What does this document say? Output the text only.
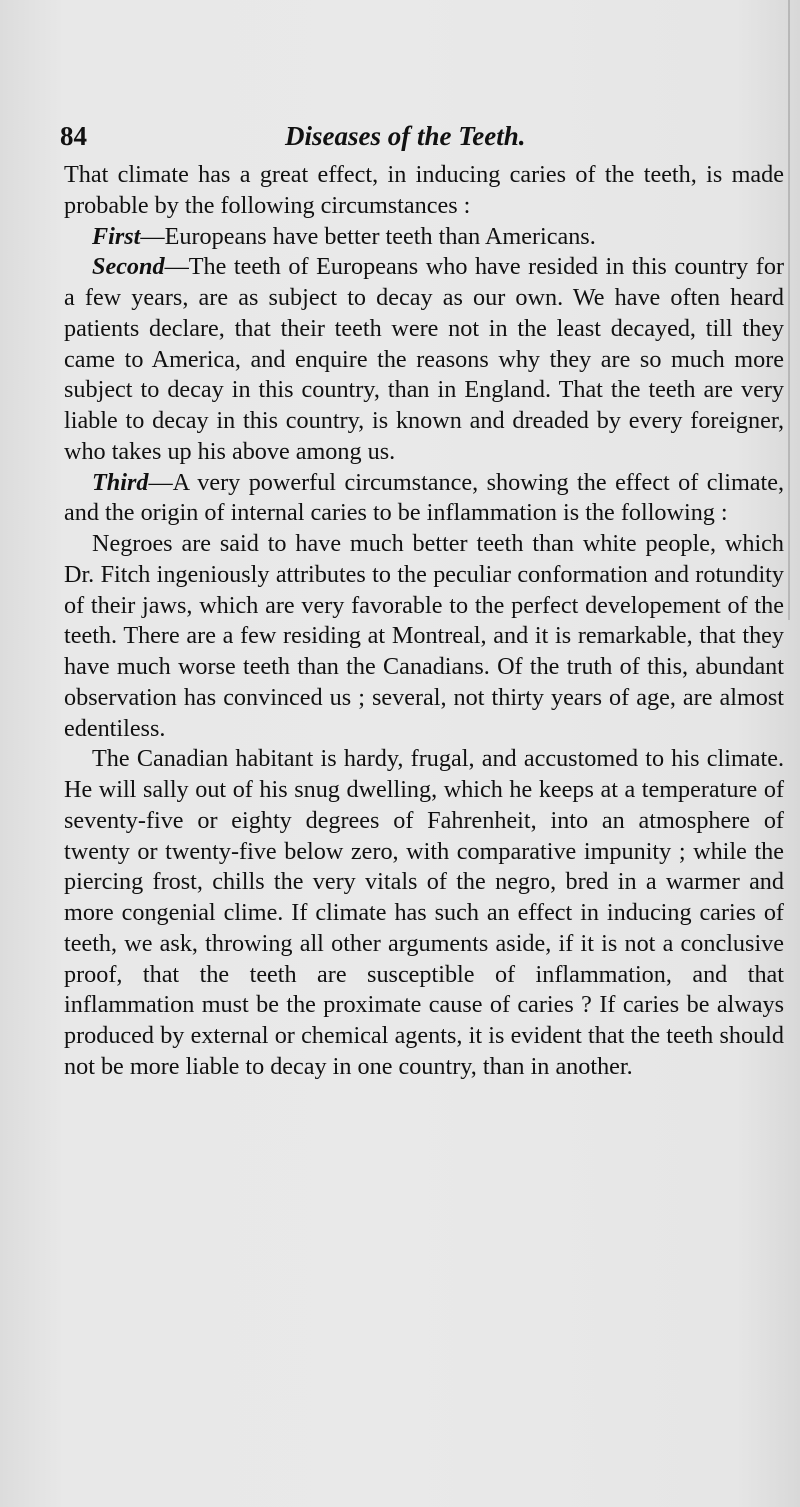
84	Diseases of the Teeth.

That climate has a great effect, in inducing caries of the teeth, is made probable by the following circumstances :

First—Europeans have better teeth than Americans.

Second—The teeth of Europeans who have resided in this country for a few years, are as subject to decay as our own. We have often heard patients declare, that their teeth were not in the least decayed, till they came to America, and enquire the reasons why they are so much more subject to decay in this country, than in England. That the teeth are very liable to decay in this country, is known and dreaded by every foreigner, who takes up his above among us.

Third—A very powerful circumstance, showing the effect of climate, and the origin of internal caries to be inflammation is the following :

Negroes are said to have much better teeth than white people, which Dr. Fitch ingeniously attributes to the peculiar conformation and rotundity of their jaws, which are very favorable to the perfect developement of the teeth. There are a few residing at Montreal, and it is remarkable, that they have much worse teeth than the Canadians. Of the truth of this, abundant observation has convinced us ; several, not thirty years of age, are almost edentiless.

The Canadian habitant is hardy, frugal, and accustomed to his climate. He will sally out of his snug dwelling, which he keeps at a temperature of seventy-five or eighty degrees of Fahrenheit, into an atmosphere of twenty or twenty-five below zero, with comparative impunity ; while the piercing frost, chills the very vitals of the negro, bred in a warmer and more congenial clime. If climate has such an effect in inducing caries of teeth, we ask, throwing all other arguments aside, if it is not a conclusive proof, that the teeth are susceptible of inflammation, and that inflammation must be the proximate cause of caries ? If caries be always produced by external or chemical agents, it is evident that the teeth should not be more liable to decay in one country, than in another.
